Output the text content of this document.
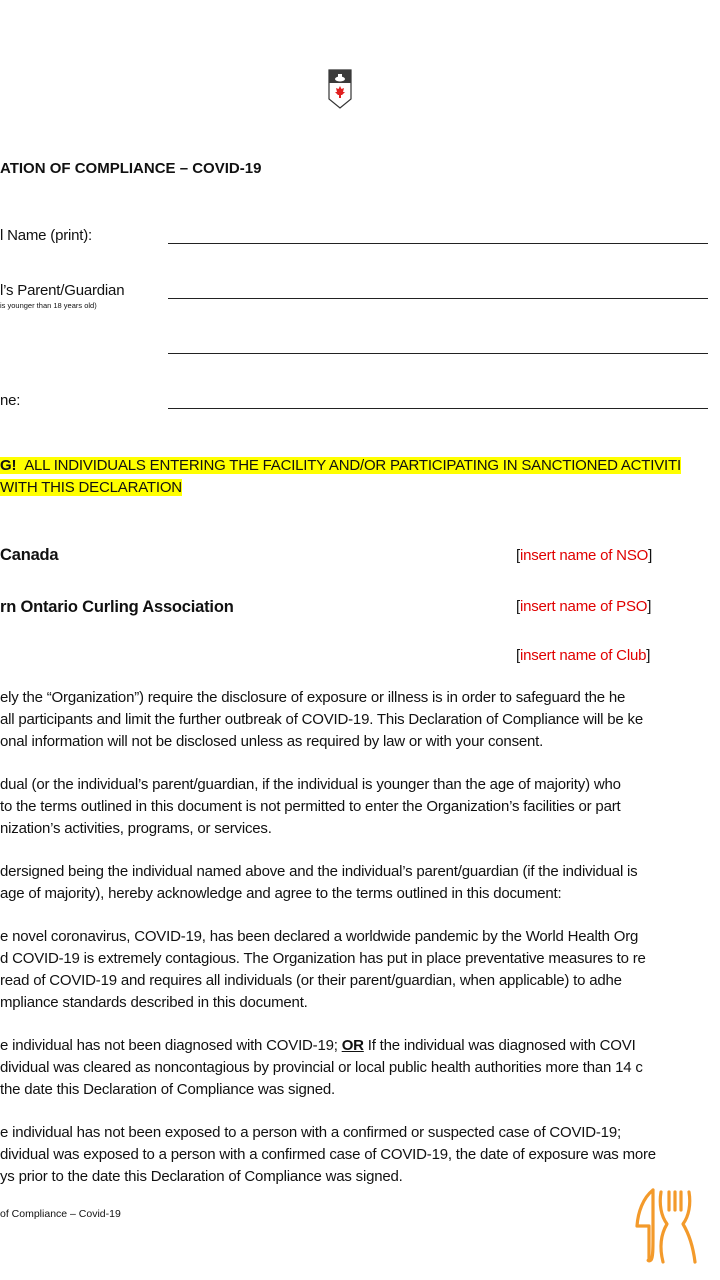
ATION OF COMPLIANCE – COVID-19
l Name (print):
l’s Parent/Guardian
is younger than 18 years old)
ne:
G! ALL INDIVIDUALS ENTERING THE FACILITY AND/OR PARTICIPATING IN SANCTIONED ACTIVITI
WITH THIS DECLARATION
Canada	[insert name of NSO]
rn Ontario Curling Association	[insert name of PSO]
[insert name of Club]
ely the “Organization”) require the disclosure of exposure or illness is in order to safeguard the he
all participants and limit the further outbreak of COVID-19. This Declaration of Compliance will be ke
onal information will not be disclosed unless as required by law or with your consent.
dual (or the individual’s parent/guardian, if the individual is younger than the age of majority) who
to the terms outlined in this document is not permitted to enter the Organization’s facilities or part
nization’s activities, programs, or services.
dersigned being the individual named above and the individual’s parent/guardian (if the individual is
age of majority), hereby acknowledge and agree to the terms outlined in this document:
e novel coronavirus, COVID-19, has been declared a worldwide pandemic by the World Health Org
d COVID-19 is extremely contagious. The Organization has put in place preventative measures to re
read of COVID-19 and requires all individuals (or their parent/guardian, when applicable) to adhe
mpliance standards described in this document.
e individual has not been diagnosed with COVID-19; OR If the individual was diagnosed with COVI
dividual was cleared as noncontagious by provincial or local public health authorities more than 14 c
the date this Declaration of Compliance was signed.
e individual has not been exposed to a person with a confirmed or suspected case of COVID-19;
dividual was exposed to a person with a confirmed case of COVID-19, the date of exposure was more
ys prior to the date this Declaration of Compliance was signed.
of Compliance – Covid-19
